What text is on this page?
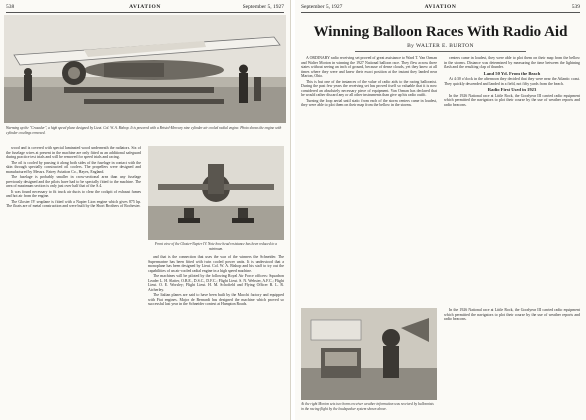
538	AVIATION	September 5, 1927
Warming up the "Crusader", a high speed plane designed by Lieut. Col. W. A. Bishop. It is powered with a Bristol-Mercury nine cylinder air cooled radial engine. Photo shows the engine with cylinder cowlings removed.

wood and is covered with special laminated wood underneath the radiators. Six of the fuselage wires at present in the machine are only fitted as an additional safeguard during practice test trials and will be removed for speed trials and racing.

The oil is cooled by passing it along both sides of the fuselage in contact with the skin through specially constructed oil coolers. The propellers were designed and manufactured by Messrs. Fairey Aviation Co., Hayes, England.

The fuselage is probably smaller in cross-sectional area than any fuselage previously designed and the pilots have had to be specially fitted to the machine. The area of maximum section is only just over half that of the S.4.

It was found necessary to fit truck air ducts to clear the cockpit of exhaust fumes and hot air from the engine.

The Gloster IV seaplane is fitted with a Napier Lion engine which gives 875 hp. The floats are of metal construction and were built by the Short Brothers of Rochester.

Front view of the Gloster-Napier IV. Note how head resistance has been reduced to a minimum.

and that is the connection that uses the war of the winners the Schneider. The Supermarine has been fitted with twin cooled power units. It is understood that a monoplane has been designed by Lieut. Col. W. A. Bishop and his staff to try out the capabilities of an air-cooled radial engine in a high speed machine.

The machines will be piloted by the following Royal Air Force officers: Squadron Leader L. H. Slatter, O.B.E., D.S.C., D.F.C.; Flight Lieut. S. N. Webster, A.F.C.; Flight Lieut. O. E. Worsley; Flight Lieut. H. M. Schofield and Flying Officer R. L. R. Atcherley.

The Italian planes are said to have been built by the Macchi factory and equipped with Fiat engines. Major de Bernardi has designed the machine which proved so successful last year in the Schneider contest at Hampton Roads.

September 5, 1927	AVIATION	539
Winning Balloon Races With Radio Aid
By WALTER E. BURTON

A ORDINARY radio receiving set proved of great assistance to Ward T. Van Orman and Walter Morton in winning the 1927 National balloon race. They flew across three states without seeing an inch of ground, because of dense clouds, yet they knew at all times where they were and knew their exact position at the instant they landed near Marion, Ohio.

This is but one of the instances of the value of radio aids to the racing balloonist. During the past few years the receiving set has proved itself so valuable that it is now considered an absolutely necessary piece of equipment. Van Orman has declared that he would rather discard any or all other instruments than give up his radio outfit.

Turning the loop aerial until static from each of the storm centers came in loudest, they were able to plot them on their map from the bellow in the storms.

centers came in loudest, they were able to plot them on their map from the bellow in the storms. Distance was determined by measuring the time between the lightning flash and the resulting clap of thunder.

Land 50 Yd. From the Beach

At 4:30 o'clock in the afternoon they decided that they were near the Atlantic coast. They quickly descended and landed in a field, not fifty yards from the beach.

Radio First Used in 1923

In the 1926 National race at Little Rock, the Goodyear III carried radio equipment which permitted the navigators to plot their course by the use of weather reports and radio beacons.

At the right Morton sets two horns receiver weather information was received by balloonists in the racing flight by the loudspeaker system shown above.

In the 1926 National race at Little Rock, the Goodyear III carried radio equipment which permitted the navigators to plot their course by the use of weather reports and radio beacons.
